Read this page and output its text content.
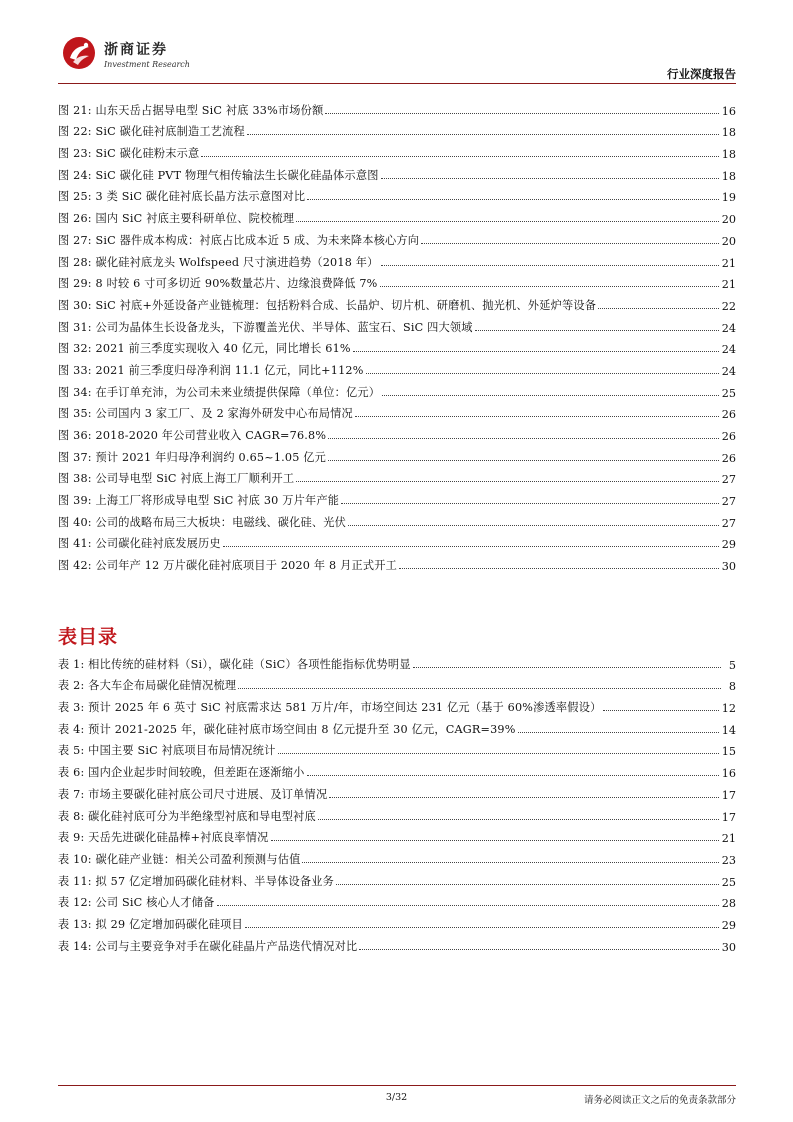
浙商证券
Investment Research
行业深度报告
图 21: 山东天岳占据导电型 SiC 衬底 33%市场份额	16
图 22: SiC 碳化硅衬底制造工艺流程	18
图 23: SiC 碳化硅粉末示意	18
图 24: SiC 碳化硅 PVT 物理气相传输法生长碳化硅晶体示意图	18
图 25: 3 类 SiC 碳化硅衬底长晶方法示意图对比	19
图 26: 国内 SiC 衬底主要科研单位、院校梳理	20
图 27: SiC 器件成本构成：衬底占比成本近 5 成、为未来降本核心方向	20
图 28: 碳化硅衬底龙头 Wolfspeed 尺寸演进趋势（2018 年）	21
图 29: 8 吋较 6 寸可多切近 90%数量芯片、边缘浪费降低 7%	21
图 30: SiC 衬底+外延设备产业链梳理：包括粉料合成、长晶炉、切片机、研磨机、抛光机、外延炉等设备	22
图 31: 公司为晶体生长设备龙头，下游覆盖光伏、半导体、蓝宝石、SiC 四大领域	24
图 32: 2021 前三季度实现收入 40 亿元，同比增长 61%	24
图 33: 2021 前三季度归母净利润 11.1 亿元，同比+112%	24
图 34: 在手订单充沛，为公司未来业绩提供保障（单位：亿元）	25
图 35: 公司国内 3 家工厂、及 2 家海外研发中心布局情况	26
图 36: 2018-2020 年公司营业收入 CAGR=76.8%	26
图 37: 预计 2021 年归母净利润约 0.65~1.05 亿元	26
图 38: 公司导电型 SiC 衬底上海工厂顺利开工	27
图 39: 上海工厂将形成导电型 SiC 衬底 30 万片年产能	27
图 40: 公司的战略布局三大板块：电磁线、碳化硅、光伏	27
图 41: 公司碳化硅衬底发展历史	29
图 42: 公司年产 12 万片碳化硅衬底项目于 2020 年 8 月正式开工	30
表目录
表 1: 相比传统的硅材料（Si），碳化硅（SiC）各项性能指标优势明显	5
表 2: 各大车企布局碳化硅情况梳理	8
表 3: 预计 2025 年 6 英寸 SiC 衬底需求达 581 万片/年，市场空间达 231 亿元（基于 60%渗透率假设）	12
表 4: 预计 2021-2025 年，碳化硅衬底市场空间由 8 亿元提升至 30 亿元，CAGR=39%	14
表 5: 中国主要 SiC 衬底项目布局情况统计	15
表 6: 国内企业起步时间较晚，但差距在逐渐缩小	16
表 7: 市场主要碳化硅衬底公司尺寸进展、及订单情况	17
表 8: 碳化硅衬底可分为半绝缘型衬底和导电型衬底	17
表 9: 天岳先进碳化硅晶棒+衬底良率情况	21
表 10: 碳化硅产业链：相关公司盈利预测与估值	23
表 11: 拟 57 亿定增加码碳化硅材料、半导体设备业务	25
表 12: 公司 SiC 核心人才储备	28
表 13: 拟 29 亿定增加码碳化硅项目	29
表 14: 公司与主要竞争对手在碳化硅晶片产品迭代情况对比	30
3/32	请务必阅读正文之后的免责条款部分
